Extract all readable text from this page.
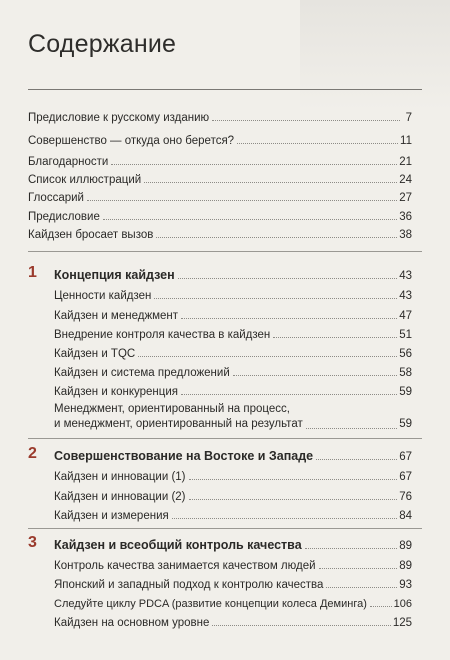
Содержание
Предисловие к русскому изданию	7
Совершенство — откуда оно берется?	11
Благодарности	21
Список иллюстраций	24
Глоссарий	27
Предисловие	36
Кайдзен бросает вызов	38
1	Концепция кайдзен	43
Ценности кайдзен	43
Кайдзен и менеджмент	47
Внедрение контроля качества в кайдзен	51
Кайдзен и TQC	56
Кайдзен и система предложений	58
Кайдзен и конкуренция	59
Менеджмент, ориентированный на процесс,
и менеджмент, ориентированный на результат	59
2	Совершенствование на Востоке и Западе	67
Кайдзен и инновации (1)	67
Кайдзен и инновации (2)	76
Кайдзен и измерения	84
3	Кайдзен и всеобщий контроль качества	89
Контроль качества занимается качеством людей	89
Японский и западный подход к контролю качества	93
Следуйте циклу PDCA (развитие концепции колеса Деминга) 106
Кайдзен на основном уровне	125
